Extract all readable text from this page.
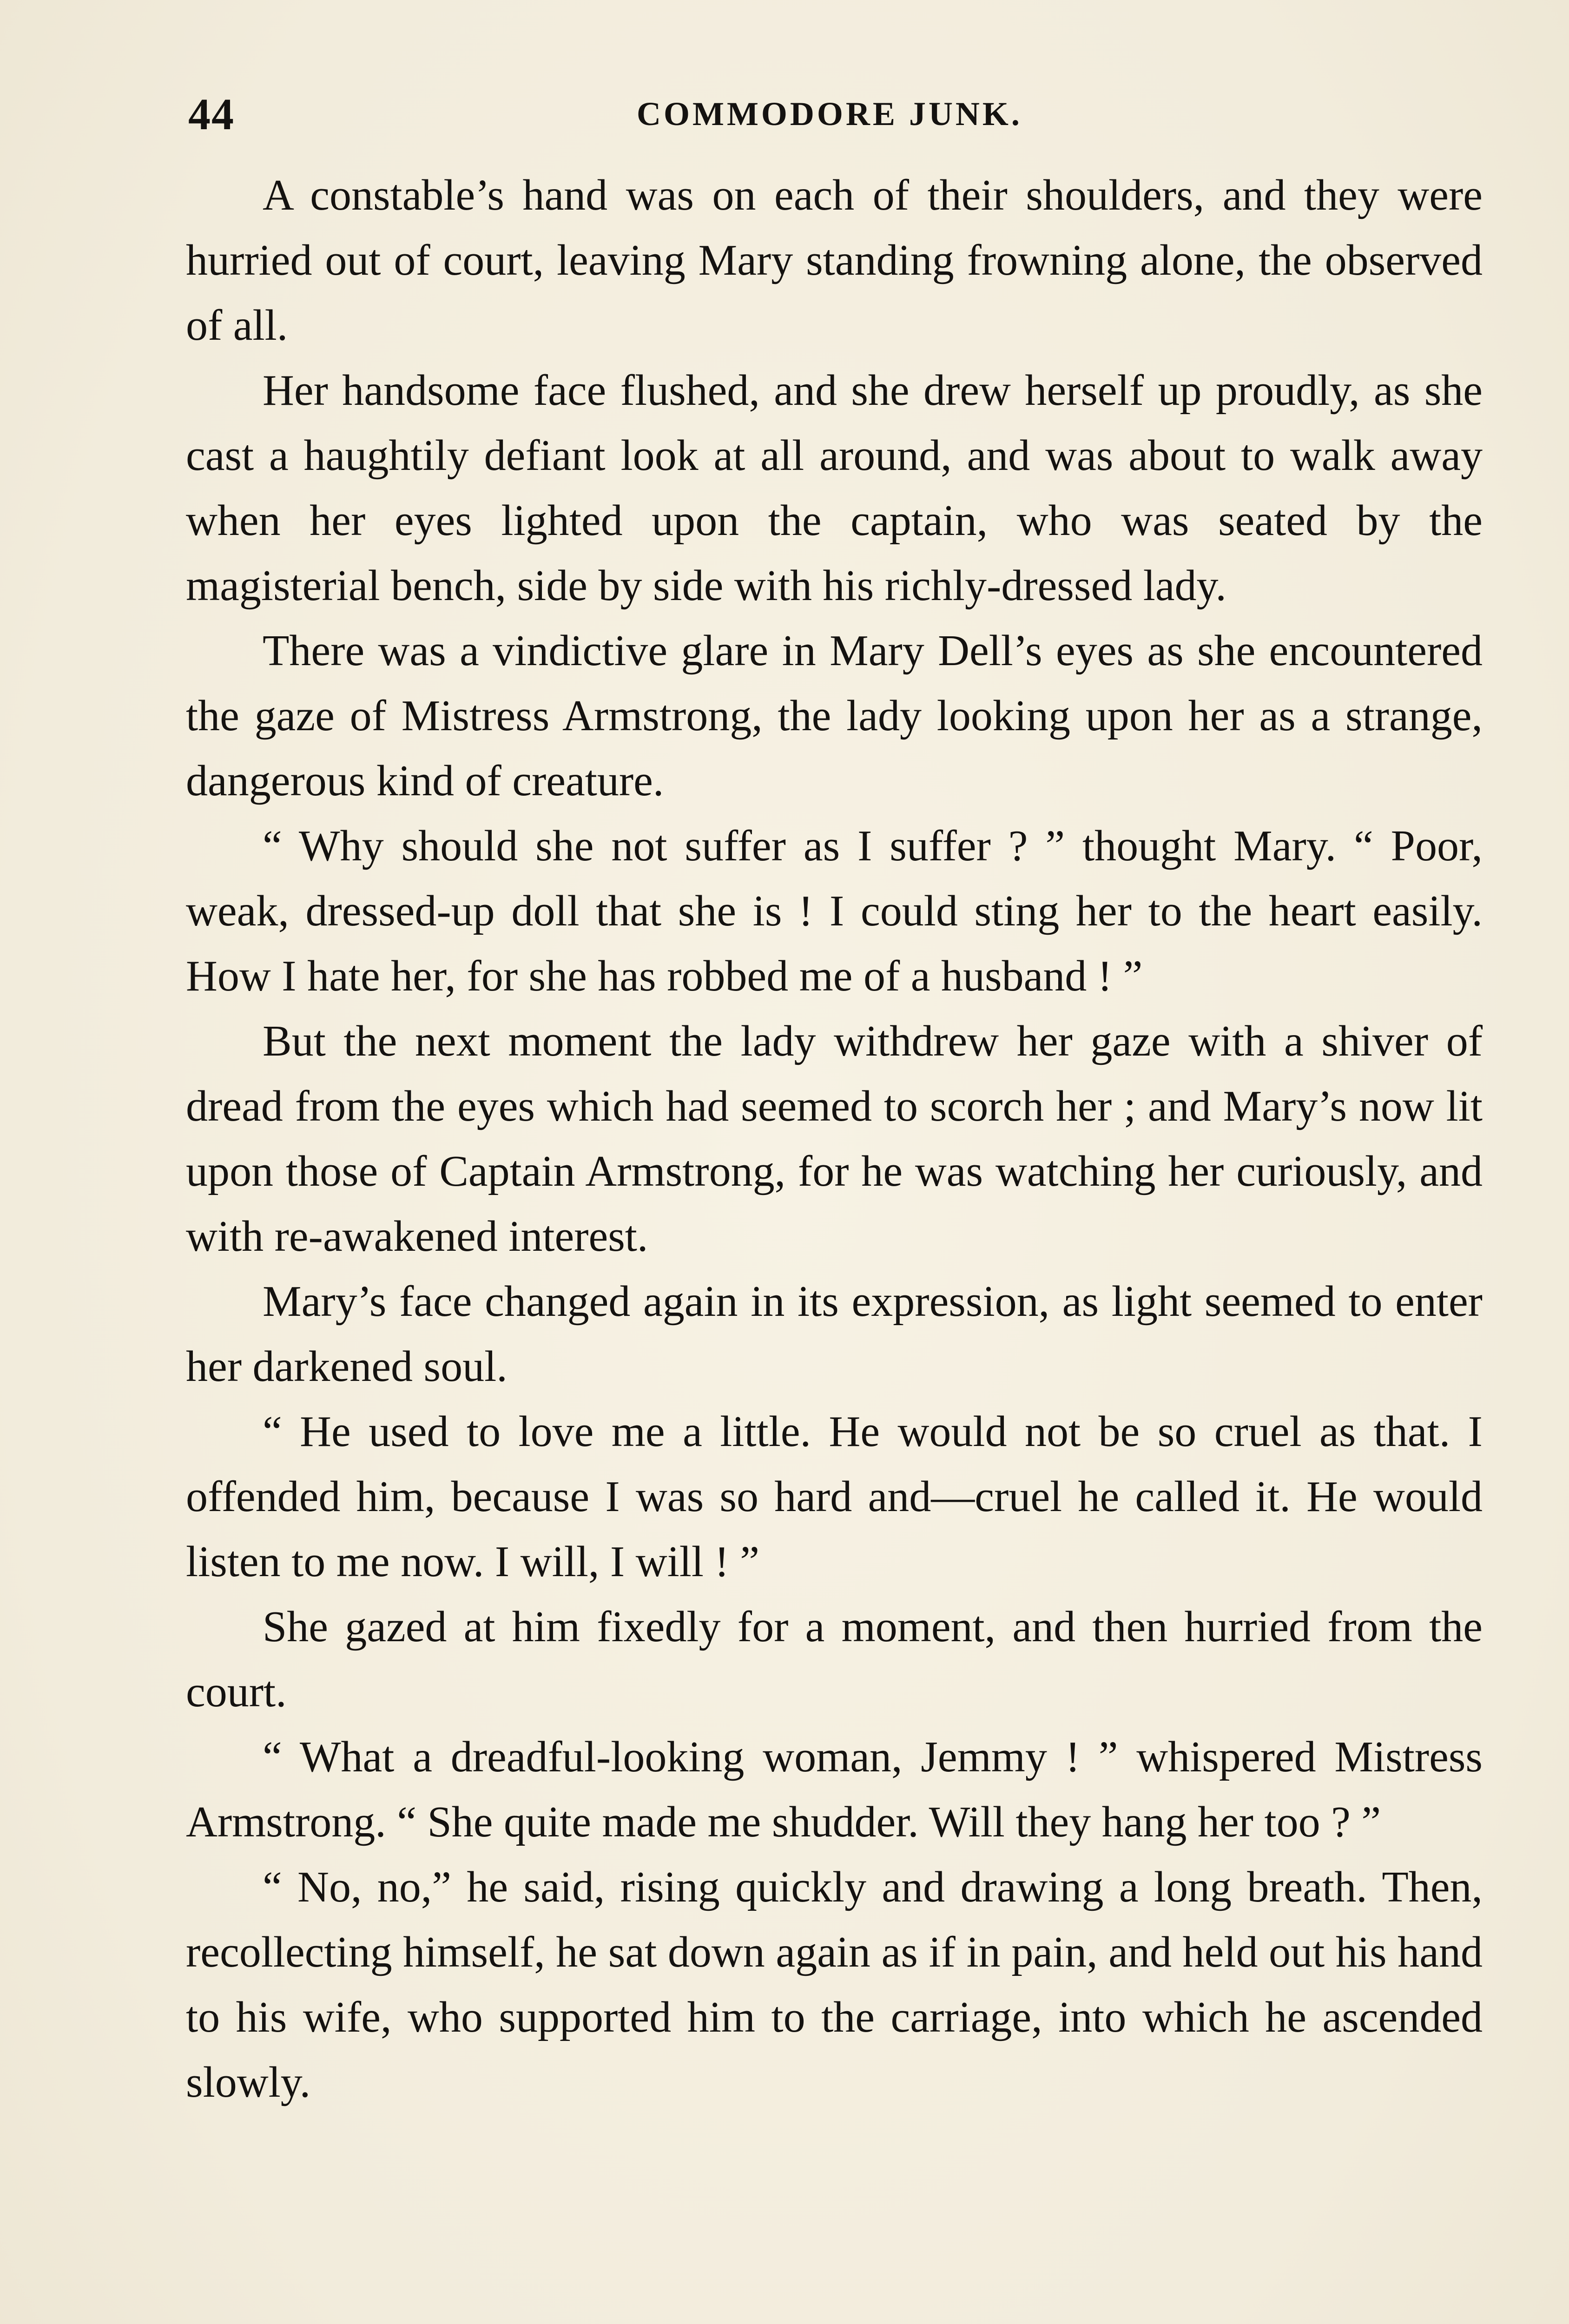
44	COMMODORE JUNK.

A constable’s hand was on each of their shoulders, and they were hurried out of court, leaving Mary standing frowning alone, the observed of all.

Her handsome face flushed, and she drew herself up proudly, as she cast a haughtily defiant look at all around, and was about to walk away when her eyes lighted upon the captain, who was seated by the magisterial bench, side by side with his richly-dressed lady.

There was a vindictive glare in Mary Dell’s eyes as she encountered the gaze of Mistress Armstrong, the lady looking upon her as a strange, dangerous kind of creature.

“ Why should she not suffer as I suffer ? ” thought Mary. “ Poor, weak, dressed-up doll that she is ! I could sting her to the heart easily. How I hate her, for she has robbed me of a husband ! ”

But the next moment the lady withdrew her gaze with a shiver of dread from the eyes which had seemed to scorch her ; and Mary’s now lit upon those of Captain Armstrong, for he was watching her curiously, and with re-awakened interest.

Mary’s face changed again in its expression, as light seemed to enter her darkened soul.

“ He used to love me a little. He would not be so cruel as that. I offended him, because I was so hard and—cruel he called it. He would listen to me now. I will, I will ! ”

She gazed at him fixedly for a moment, and then hurried from the court.

“ What a dreadful-looking woman, Jemmy ! ” whispered Mistress Armstrong. “ She quite made me shudder. Will they hang her too ? ”

“ No, no,” he said, rising quickly and drawing a long breath. Then, recollecting himself, he sat down again as if in pain, and held out his hand to his wife, who supported him to the carriage, into which he ascended slowly.
